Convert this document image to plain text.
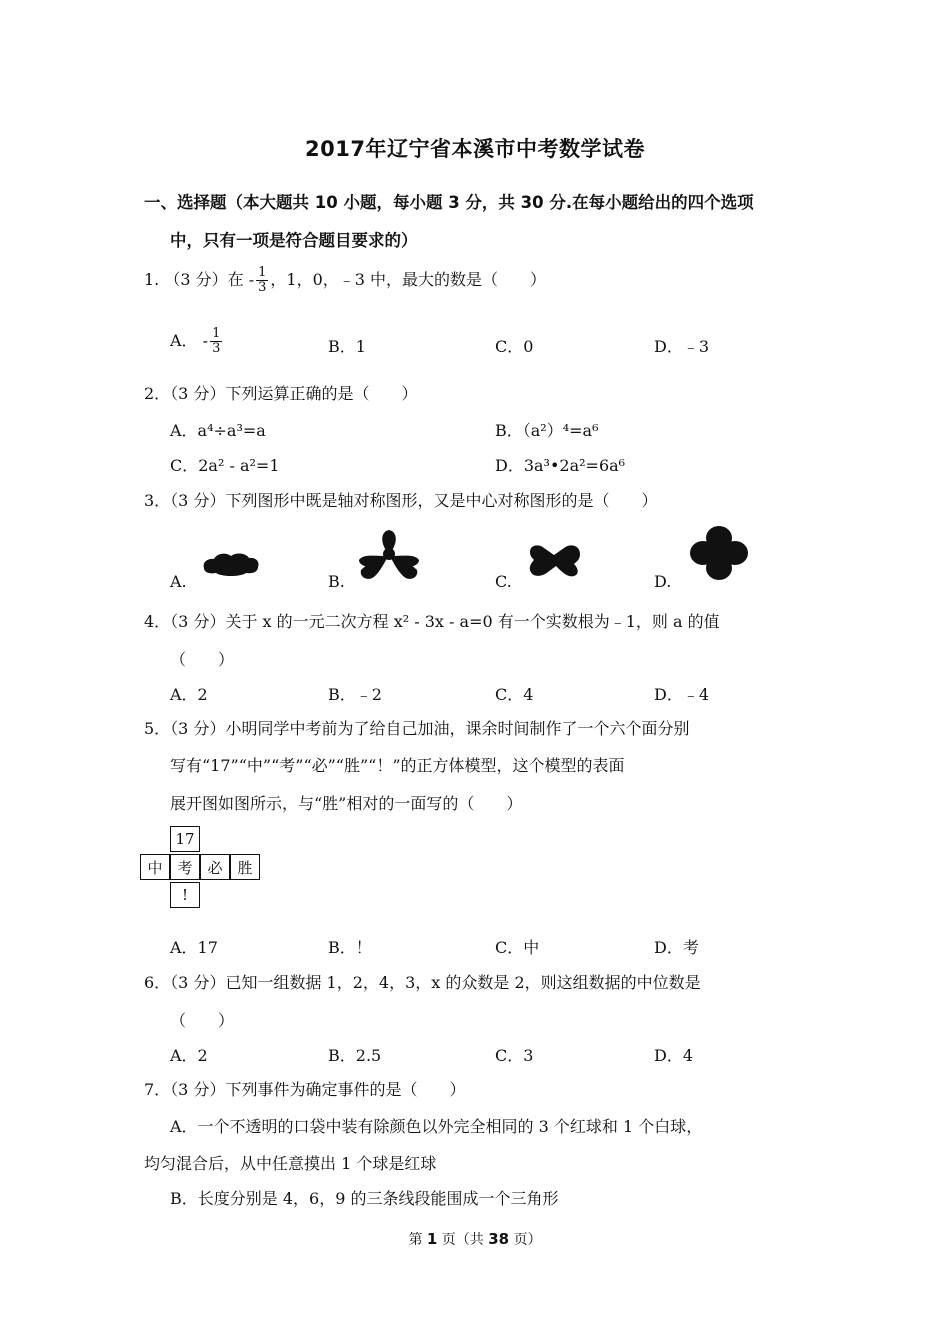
2017年辽宁省本溪市中考数学试卷
一、选择题（本大题共 10 小题，每小题 3 分，共 30 分.在每小题给出的四个选项
中，只有一项是符合题目要求的）
1. （3 分）在 - $\frac{1}{3}$ ，1，0，﹣3 中，最大的数是（　　）
A． - $\frac{1}{3}$	B．1	C．0	D．﹣3
2．（3 分）下列运算正确的是（　　）
A．a⁴÷a³=a	B．（a²）⁴=a⁶
C．2a² - a²=1	D．3a³•2a²=6a⁶
3．（3 分）下列图形中既是轴对称图形，又是中心对称图形的是（　　）
A.	B.	C.	D.
4．（3 分）关于 x 的一元二次方程 x² - 3x - a=0 有一个实数根为﹣1，则 a 的值
（　　）
A．2	B．﹣2	C．4	D．﹣4
5．（3 分）小明同学中考前为了给自己加油，课余时间制作了一个六个面分别
写有“17”“中”“考”“必”“胜”“！”的正方体模型，这个模型的表面
展开图如图所示，与“胜”相对的一面写的（　　）
17
中 考 必 胜
!
A．17	B．！	C．中	D．考
6．（3 分）已知一组数据 1，2，4，3，x 的众数是 2，则这组数据的中位数是
（　　）
A．2	B．2.5	C．3	D．4
7．（3 分）下列事件为确定事件的是（　　）
A．一个不透明的口袋中装有除颜色以外完全相同的 3 个红球和 1 个白球，
均匀混合后，从中任意摸出 1 个球是红球
B．长度分别是 4，6，9 的三条线段能围成一个三角形
第 1 页（共 38 页）
